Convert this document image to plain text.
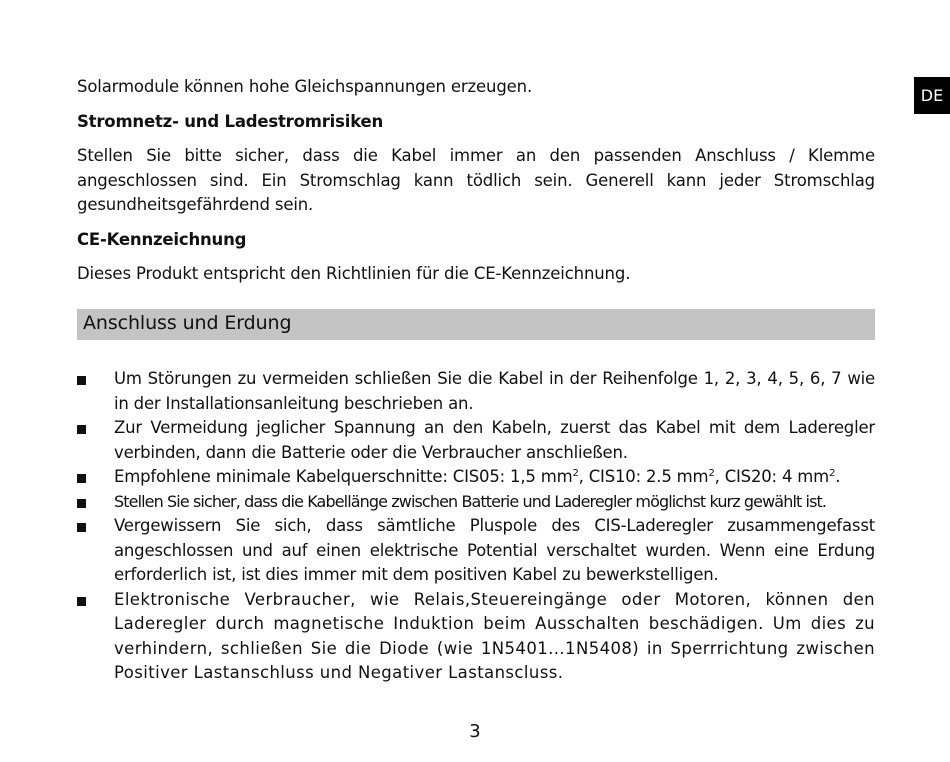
DE

Solarmodule können hohe Gleichspannungen erzeugen.

Stromnetz- und Ladestromrisiken

Stellen Sie bitte sicher, dass die Kabel immer an den passenden Anschluss / Klemme angeschlossen sind. Ein Stromschlag kann tödlich sein. Generell kann jeder Stromschlag gesundheitsgefährdend sein.

CE-Kennzeichnung

Dieses Produkt entspricht den Richtlinien für die CE-Kennzeichnung.

Anschluss und Erdung
Um Störungen zu vermeiden schließen Sie die Kabel in der Reihenfolge 1, 2, 3, 4, 5, 6, 7 wie in der Installationsanleitung beschrieben an.
Zur Vermeidung jeglicher Spannung an den Kabeln, zuerst das Kabel mit dem Laderegler verbinden, dann die Batterie oder die Verbraucher anschließen.
Empfohlene minimale Kabelquerschnitte: CIS05: 1,5 $mm^2$, CIS10: 2.5 $mm^2$, CIS20: 4 $mm^2$.
Stellen Sie sicher, dass die Kabellänge zwischen Batterie und Laderegler möglichst kurz gewählt ist.
Vergewissern Sie sich, dass sämtliche Pluspole des CIS-Laderegler zusammengefasst angeschlossen und auf einen elektrische Potential verschaltet wurden. Wenn eine Erdung erforderlich ist, ist dies immer mit dem positiven Kabel zu bewerkstelligen.
Elektronische Verbraucher, wie Relais,Steuereingänge oder Motoren, können den Laderegler durch magnetische Induktion beim Ausschalten beschädigen. Um dies zu verhindern, schließen Sie die Diode (wie 1N5401...1N5408) in Sperrrichtung zwischen Positiver Lastanschluss und Negativer Lastanscluss.
3
